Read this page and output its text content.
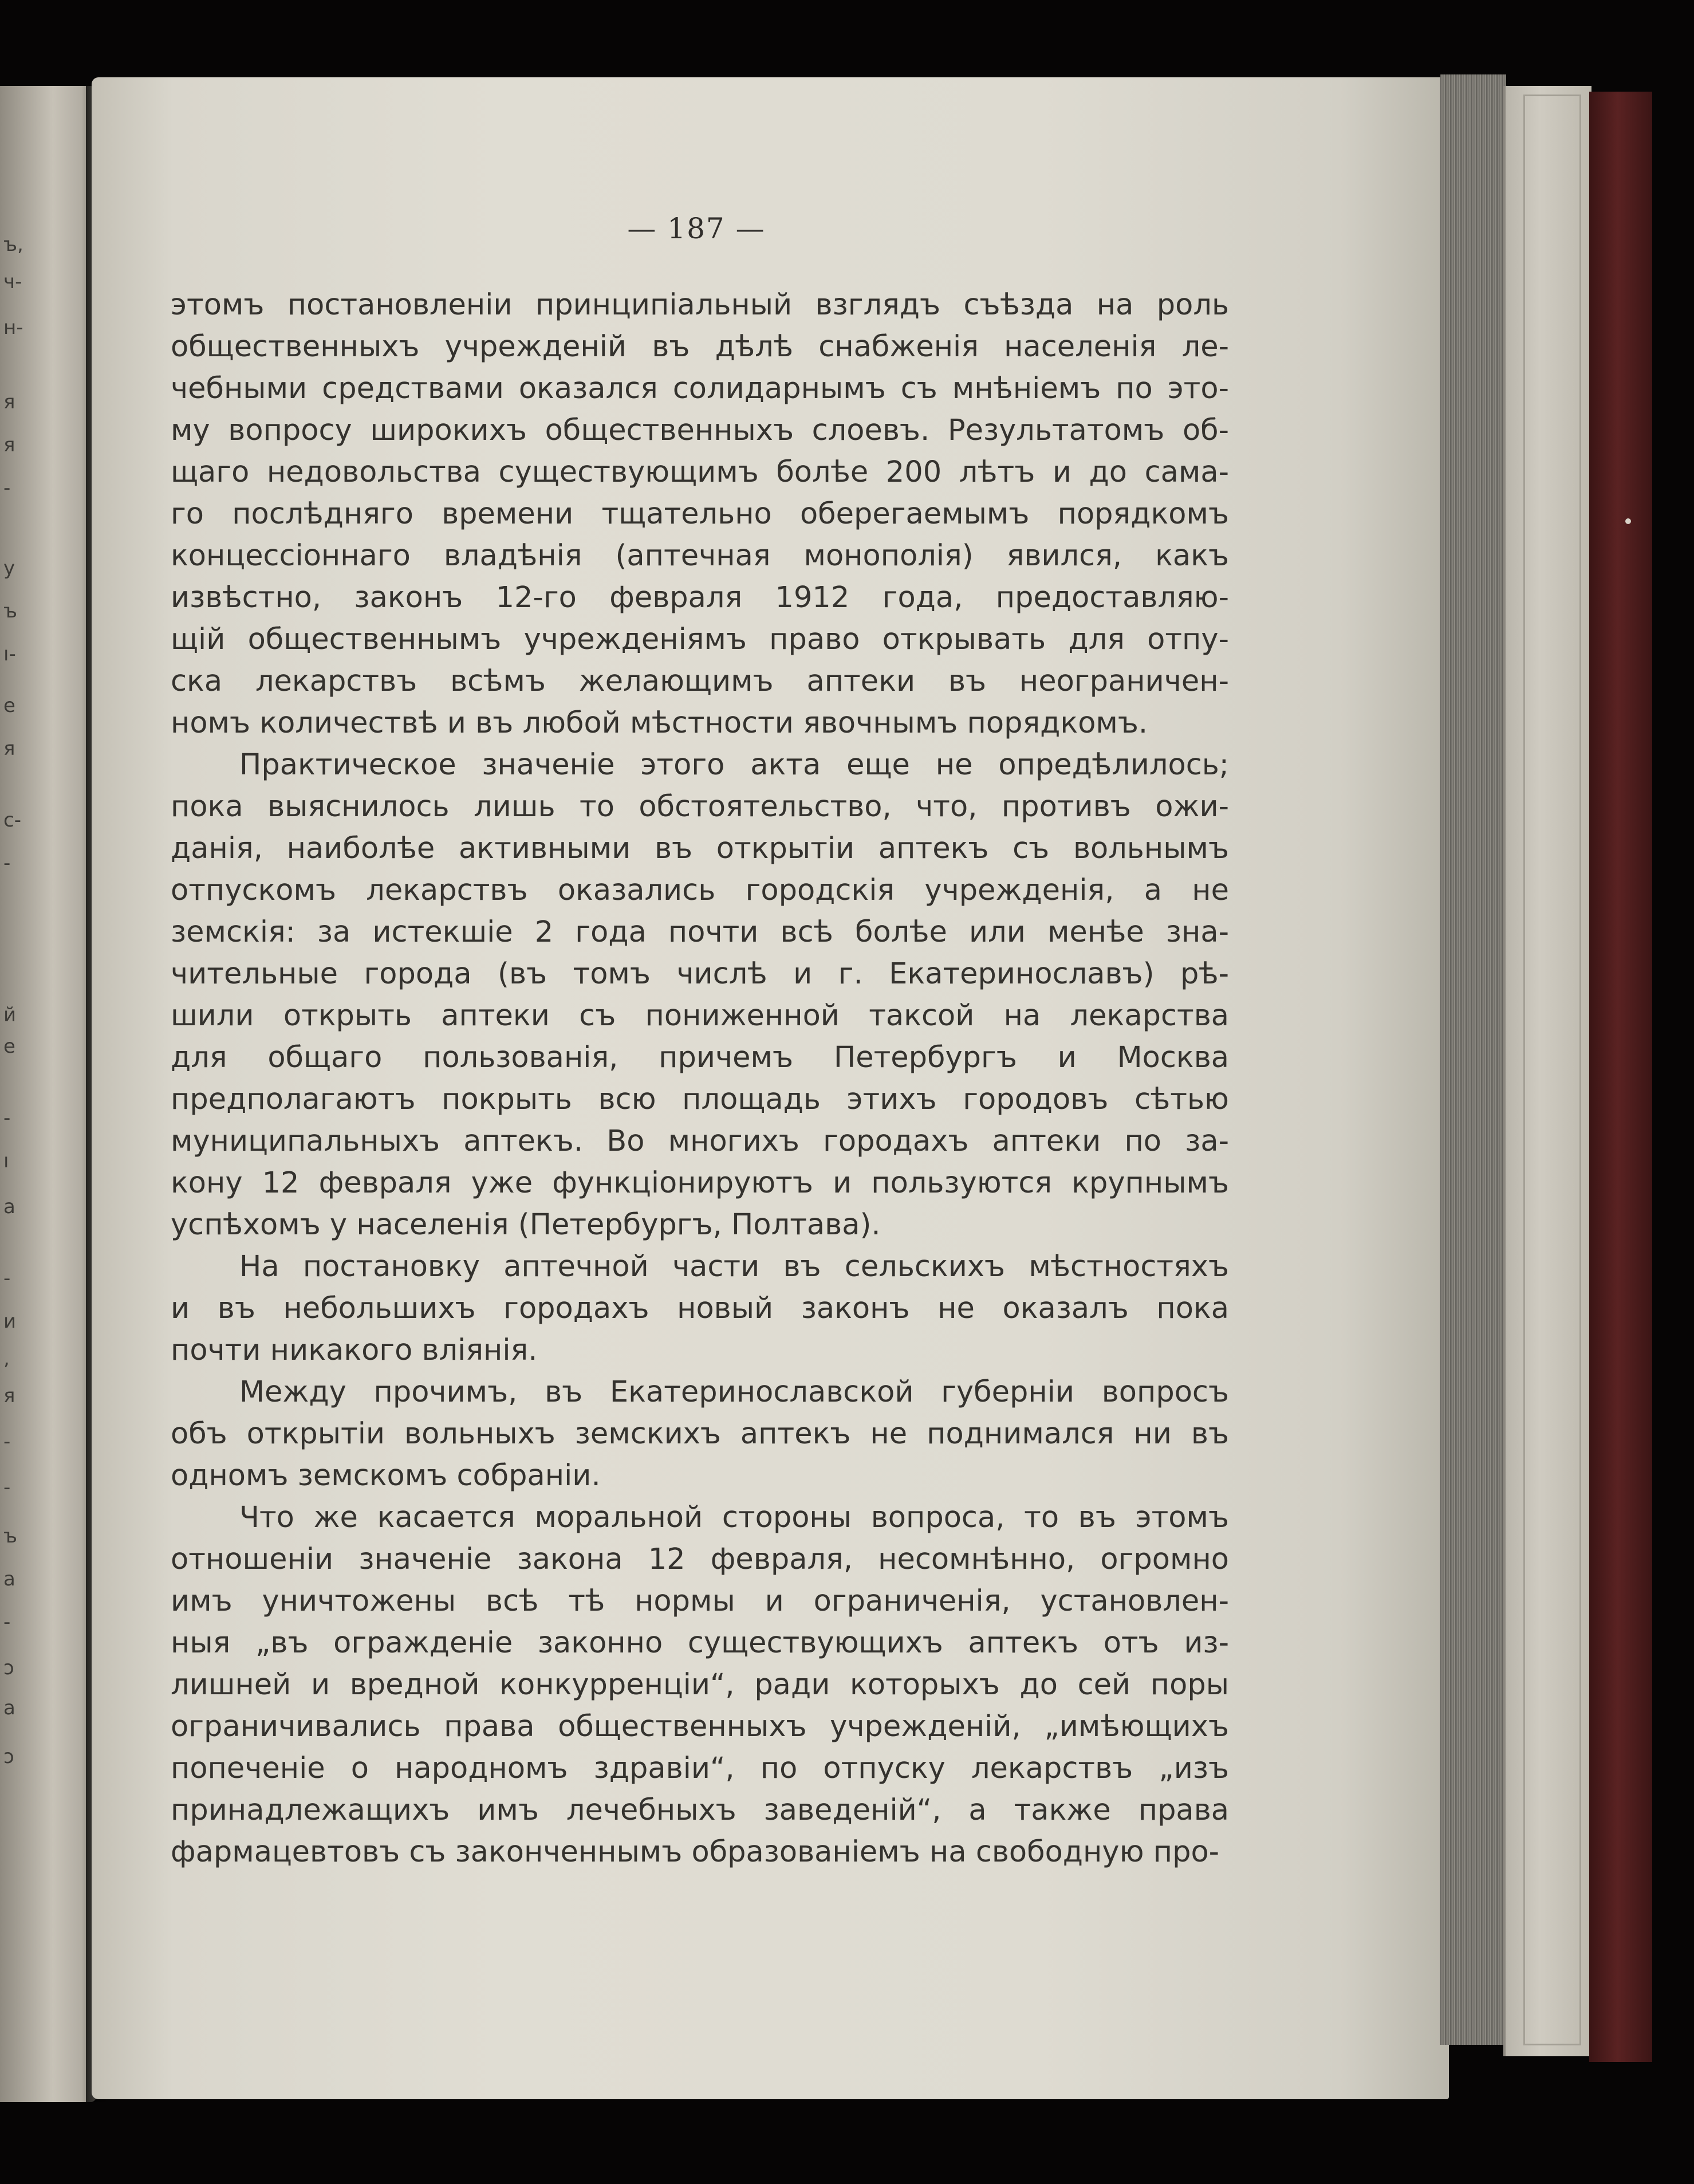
ъ,
ч-
н-
я
я
-
у
ъ
ı-
е
я
с-
-
й
е
-
ı
а
-
и
,
я
-
-
ъ
а
-
ɔ
а
ɔ
— 187 —
этомъ постановленіи принципіальный взглядъ съѣзда на роль
общественныхъ учрежденій въ дѣлѣ снабженія населенія ле-
чебными средствами оказался солидарнымъ съ мнѣніемъ по это-
му вопросу широкихъ общественныхъ слоевъ. Результатомъ об-
щаго недовольства существующимъ болѣе 200 лѣтъ и до сама-
го послѣдняго времени тщательно оберегаемымъ порядкомъ
концессіоннаго владѣнія (аптечная монополія) явился, какъ
извѣстно, законъ 12-го февраля 1912 года, предоставляю-
щій общественнымъ учрежденіямъ право открывать для отпу-
ска лекарствъ всѣмъ желающимъ аптеки въ неограничен-
номъ количествѣ и въ любой мѣстности явочнымъ порядкомъ.
Практическое значеніе этого акта еще не опредѣлилось;
пока выяснилось лишь то обстоятельство, что, противъ ожи-
данія, наиболѣе активными въ открытіи аптекъ съ вольнымъ
отпускомъ лекарствъ оказались городскія учрежденія, а не
земскія: за истекшіе 2 года почти всѣ болѣе или менѣе зна-
чительные города (въ томъ числѣ и г. Екатеринославъ) рѣ-
шили открыть аптеки съ пониженной таксой на лекарства
для общаго пользованія, причемъ Петербургъ и Москва
предполагаютъ покрыть всю площадь этихъ городовъ сѣтью
муниципальныхъ аптекъ. Во многихъ городахъ аптеки по за-
кону 12 февраля уже функціонируютъ и пользуются крупнымъ
успѣхомъ у населенія (Петербургъ, Полтава).
На постановку аптечной части въ сельскихъ мѣстностяхъ
и въ небольшихъ городахъ новый законъ не оказалъ пока
почти никакого вліянія.
Между прочимъ, въ Екатеринославской губерніи вопросъ
объ открытіи вольныхъ земскихъ аптекъ не поднимался ни въ
одномъ земскомъ собраніи.
Что же касается моральной стороны вопроса, то въ этомъ
отношеніи значеніе закона 12 февраля, несомнѣнно, огромно
имъ уничтожены всѣ тѣ нормы и ограниченія, установлен-
ныя „въ огражденіе законно существующихъ аптекъ отъ из-
лишней и вредной конкурренціи“, ради которыхъ до сей поры
ограничивались права общественныхъ учрежденій, „имѣющихъ
попеченіе о народномъ здравіи“, по отпуску лекарствъ „изъ
принадлежащихъ имъ лечебныхъ заведеній“, а также права
фармацевтовъ съ законченнымъ образованіемъ на свободную про-
